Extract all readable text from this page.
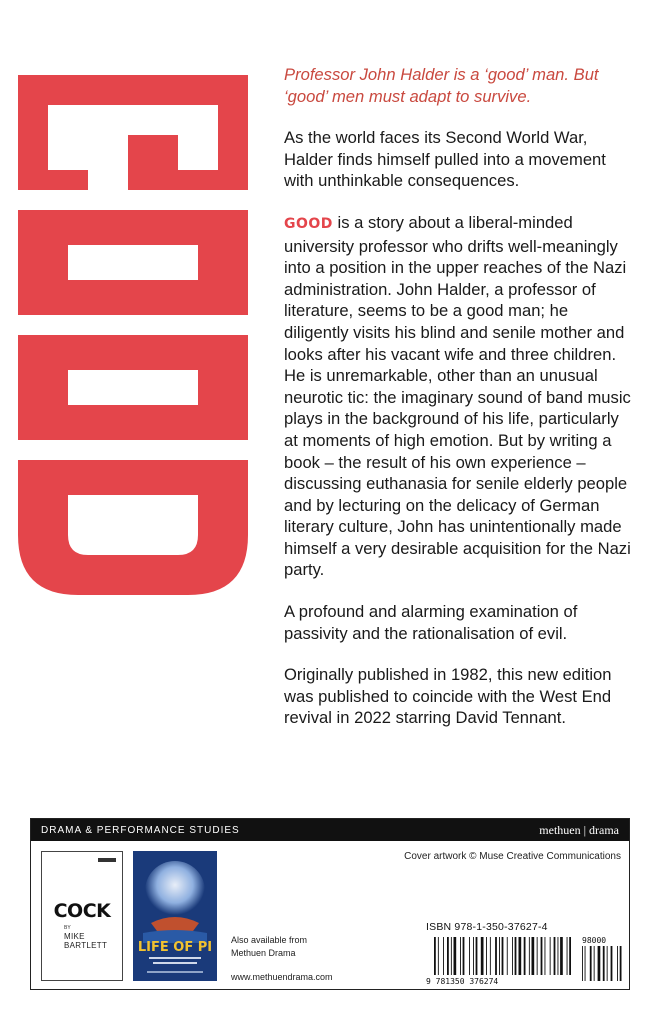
Professor John Halder is a ‘good’ man. But ‘good’ men must adapt to survive.

As the world faces its Second World War, Halder finds himself pulled into a movement with unthinkable consequences.

GOOD is a story about a liberal-minded university professor who drifts well-meaningly into a position in the upper reaches of the Nazi administration. John Halder, a professor of literature, seems to be a good man; he diligently visits his blind and senile mother and looks after his vacant wife and three children. He is unremarkable, other than an unusual neurotic tic: the imaginary sound of band music plays in the background of his life, particularly at moments of high emotion. But by writing a book – the result of his own experience – discussing euthanasia for senile elderly people and by lecturing on the delicacy of German literary culture, John has unintentionally made himself a very desirable acquisition for the Nazi party.

A profound and alarming examination of passivity and the rationalisation of evil.

Originally published in 1982, this new edition was published to coincide with the West End revival in 2022 starring David Tennant.

DRAMA & PERFORMANCE STUDIES	methuen | drama
COCK
BY
MIKE BARTLETT	LIFE OF PI Also available from
Methuen Drama
www.methuendrama.com
Cover artwork © Muse Creative Communications
ISBN 978-1-350-37627-4
9 781350 376274
98000
